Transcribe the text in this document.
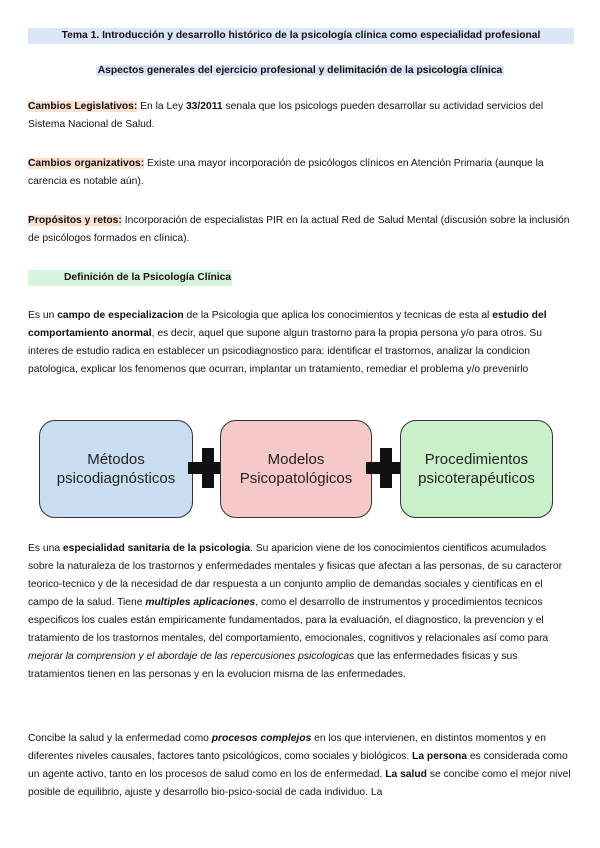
Tema 1. Introducción y desarrollo histórico de la psicología clínica como especialidad profesional
Aspectos generales del ejercicio profesional y delimitación de la psicología clínica
Cambios Legislativos: En la Ley 33/2011 senala que los psicologs pueden desarrollar su actividad servicios del Sistema Nacional de Salud.
Cambios organizativos: Existe una mayor incorporación de psicólogos clínicos en Atención Primaria (aunque la carencia es notable aún).
Propósitos y retos: Incorporación de especialistas PIR en la actual Red de Salud Mental (discusión sobre la inclusión de psicólogos formados en clínica).
Definición de la Psicología Clínica
Es un campo de especializacion de la Psicologia que aplica los conocimientos y tecnicas de esta al estudio del comportamiento anormal, es decir, aquel que supone algun trastorno para la propia persona y/o para otros. Su interes de estudio radica en establecer un psicodiagnostico para: identificar el trastornos, analizar la condicion patologica, explicar los fenomenos que ocurran, implantar un tratamiento, remediar el problema y/o prevenirlo
Métodos
psicodiagnósticos
Modelos
Psicopatológicos
Procedimientos
psicoterapéuticos
Es una especialidad sanitaria de la psicologia. Su aparicion viene de los conocimientos cientificos acumulados sobre la naturaleza de los trastornos y enfermedades mentales y fisicas que afectan a las personas, de su caracteror teorico-tecnico y de la necesidad de dar respuesta a un conjunto amplio de demandas sociales y cientificas en el campo de la salud. Tiene multiples aplicaciones, como el desarrollo de instrumentos y procedimientos tecnicos especificos los cuales están empiricamente fundamentados, para la evaluación, el diagnostico, la prevencion y el tratamiento de los trastornos mentales, del comportamiento, emocionales, cognitivos y relacionales así como para mejorar la comprension y el abordaje de las repercusiones psicologicas que las enfermedades fisicas y sus tratamientos tienen en las personas y en la evolucion misma de las enfermedades.
Concibe la salud y la enfermedad como procesos complejos en los que intervienen, en distintos momentos y en diferentes niveles causales, factores tanto psicológicos, como sociales y biológicos. La persona es considerada como un agente activo, tanto en los procesos de salud como en los de enfermedad. La salud se concibe como el mejor nivel posible de equilibrio, ajuste y desarrollo bio-psico-social de cada individuo. La
